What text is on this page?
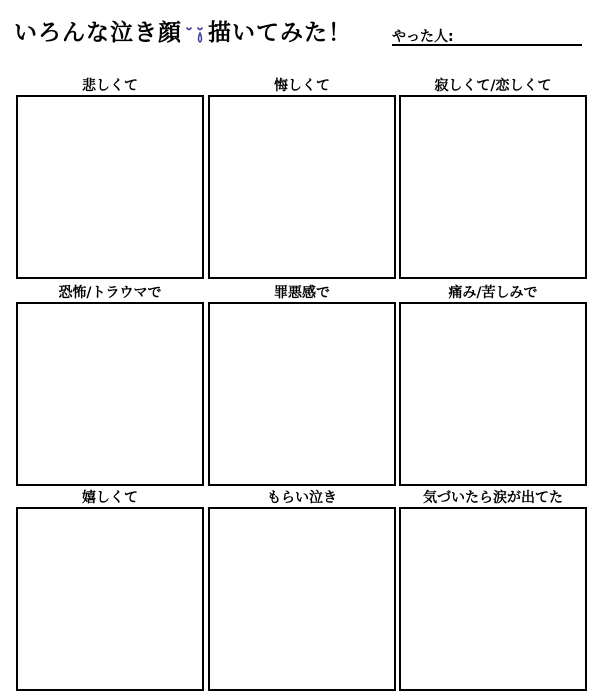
いろんな泣き顔 描いてみた！	やった人:
悲しくて	悔しくて	寂しくて/恋しくて
恐怖/トラウマで	罪悪感で	痛み/苦しみで
嬉しくて	もらい泣き	気づいたら涙が出てた
